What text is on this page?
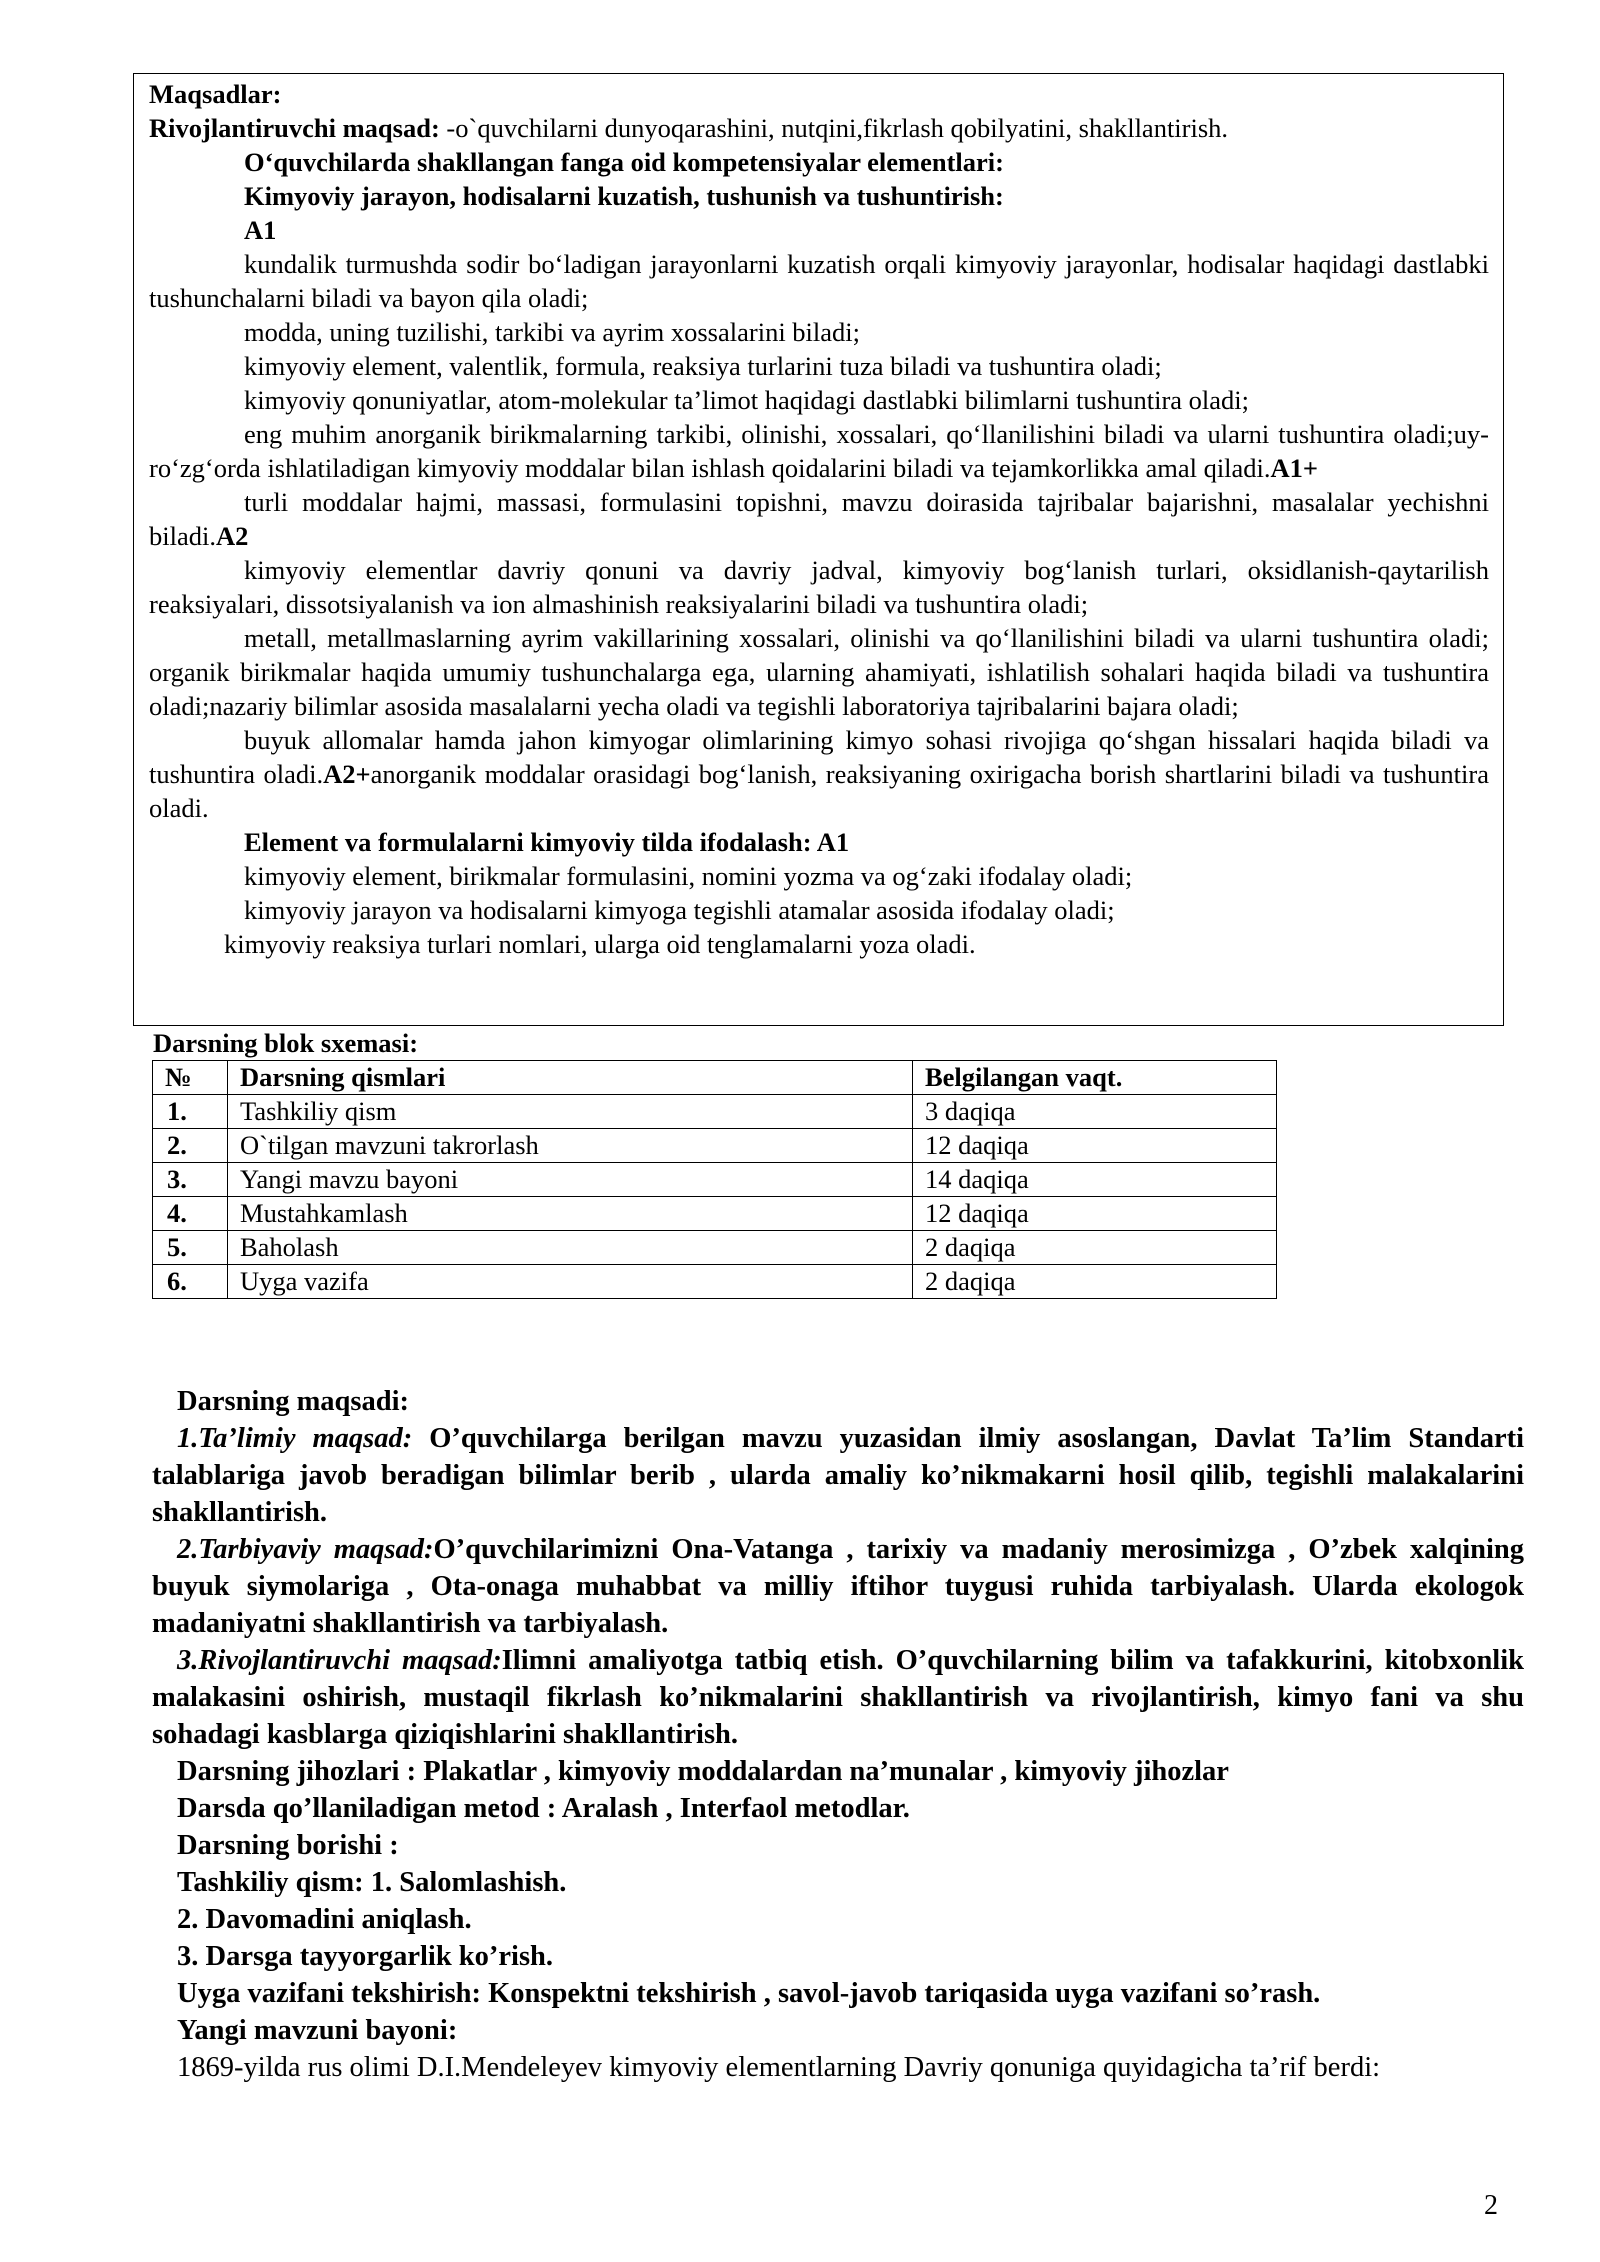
Maqsadlar:

Rivojlantiruvchi maqsad: -o`quvchilarni dunyoqarashini, nutqini,fikrlash qobilyatini, shakllantirish.

O‘quvchilarda shakllangan fanga oid kompetensiyalar elementlari:

Kimyoviy jarayon, hodisalarni kuzatish, tushunish va tushuntirish:

A1

kundalik turmushda sodir bo‘ladigan jarayonlarni kuzatish orqali kimyoviy jarayonlar, hodisalar haqidagi dastlabki tushunchalarni biladi va bayon qila oladi;

modda, uning tuzilishi, tarkibi va ayrim xossalarini biladi;

kimyoviy element, valentlik, formula, reaksiya turlarini tuza biladi va tushuntira oladi;

kimyoviy qonuniyatlar, atom-molekular ta’limot haqidagi dastlabki bilimlarni tushuntira oladi;

eng muhim anorganik birikmalarning tarkibi, olinishi, xossalari, qo‘llanilishini biladi va ularni tushuntira oladi;uy-ro‘zg‘orda ishlatiladigan kimyoviy moddalar bilan ishlash qoidalarini biladi va tejamkorlikka amal qiladi.A1+

turli moddalar hajmi, massasi, formulasini topishni, mavzu doirasida tajribalar bajarishni, masalalar yechishni biladi.A2

kimyoviy elementlar davriy qonuni va davriy jadval, kimyoviy bog‘lanish turlari, oksidlanish-qaytarilish reaksiyalari, dissotsiyalanish va ion almashinish reaksiyalarini biladi va tushuntira oladi;

metall, metallmaslarning ayrim vakillarining xossalari, olinishi va qo‘llanilishini biladi va ularni tushuntira oladi; organik birikmalar haqida umumiy tushunchalarga ega, ularning ahamiyati, ishlatilish sohalari haqida biladi va tushuntira oladi;nazariy bilimlar asosida masalalarni yecha oladi va tegishli laboratoriya tajribalarini bajara oladi;

buyuk allomalar hamda jahon kimyogar olimlarining kimyo sohasi rivojiga qo‘shgan hissalari haqida biladi va tushuntira oladi.A2+anorganik moddalar orasidagi bog‘lanish, reaksiyaning oxirigacha borish shartlarini biladi va tushuntira oladi.

Element va formulalarni kimyoviy tilda ifodalash: A1

kimyoviy element, birikmalar formulasini, nomini yozma va og‘zaki ifodalay oladi;

kimyoviy jarayon va hodisalarni kimyoga tegishli atamalar asosida ifodalay oladi;

kimyoviy reaksiya turlari nomlari, ularga oid tenglamalarni yoza oladi.

Darsning blok sxemasi:
№	Darsning qismlari	Belgilangan vaqt.
1.	Tashkiliy qism	3 daqiqa
2.	O`tilgan mavzuni takrorlash	12 daqiqa
3.	Yangi mavzu bayoni	14 daqiqa
4.	Mustahkamlash	12 daqiqa
5.	Baholash	2 daqiqa
6.	Uyga vazifa	2 daqiqa

Darsning maqsadi:

1.Ta’limiy maqsad: O’quvchilarga berilgan mavzu yuzasidan ilmiy asoslangan, Davlat Ta’lim Standarti talablariga javob beradigan bilimlar berib , ularda amaliy ko’nikmakarni hosil qilib, tegishli malakalarini shakllantirish.

2.Tarbiyaviy maqsad:O’quvchilarimizni Ona-Vatanga , tarixiy va madaniy merosimizga , O’zbek xalqining buyuk siymolariga , Ota-onaga muhabbat va milliy iftihor tuygusi ruhida tarbiyalash. Ularda ekologok madaniyatni shakllantirish va tarbiyalash.

3.Rivojlantiruvchi maqsad:Ilimni amaliyotga tatbiq etish. O’quvchilarning bilim va tafakkurini, kitobxonlik malakasini oshirish, mustaqil fikrlash ko’nikmalarini shakllantirish va rivojlantirish, kimyo fani va shu sohadagi kasblarga qiziqishlarini shakllantirish.

Darsning jihozlari : Plakatlar , kimyoviy moddalardan na’munalar , kimyoviy jihozlar

Darsda qo’llaniladigan metod : Aralash , Interfaol metodlar.

Darsning borishi :

Tashkiliy qism: 1. Salomlashish.

2. Davomadini aniqlash.

3. Darsga tayyorgarlik ko’rish.

Uyga vazifani tekshirish: Konspektni tekshirish , savol-javob tariqasida uyga vazifani so’rash.

Yangi mavzuni bayoni:

1869-yilda rus olimi D.I.Mendeleyev kimyoviy elementlarning Davriy qonuniga quyidagicha ta’rif berdi:

2
